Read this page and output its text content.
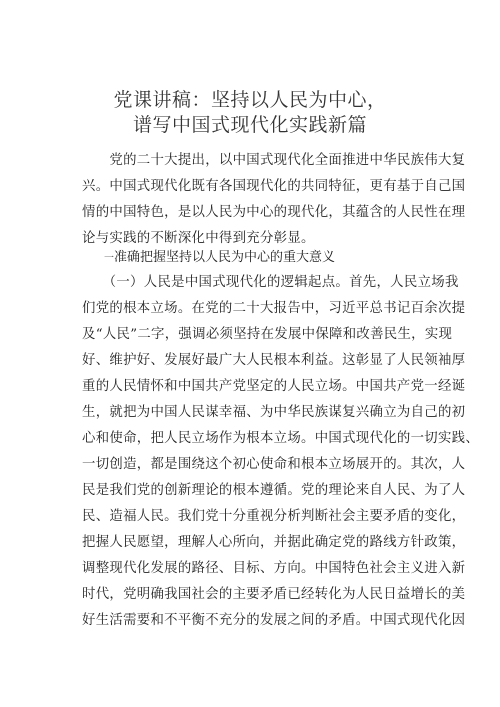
党课讲稿：坚持以人民为中心，
谱写中国式现代化实践新篇
　　党的二十大提出，以中国式现代化全面推进中华民族伟大复
兴。中国式现代化既有各国现代化的共同特征，更有基于自己国
情的中国特色，是以人民为中心的现代化，其蕴含的人民性在理
论与实践的不断深化中得到充分彰显。
一准确把握坚持以人民为中心的重大意义
　　（一）人民是中国式现代化的逻辑起点。首先，人民立场我
们党的根本立场。在党的二十大报告中，习近平总书记百余次提
及“人民”二字，强调必须坚持在发展中保障和改善民生，实现
好、维护好、发展好最广大人民根本利益。这彰显了人民领袖厚
重的人民情怀和中国共产党坚定的人民立场。中国共产党一经诞
生，就把为中国人民谋幸福、为中华民族谋复兴确立为自己的初
心和使命，把人民立场作为根本立场。中国式现代化的一切实践、
一切创造，都是围绕这个初心使命和根本立场展开的。其次，人
民是我们党的创新理论的根本遵循。党的理论来自人民、为了人
民、造福人民。我们党十分重视分析判断社会主要矛盾的变化，
把握人民愿望，理解人心所向，并据此确定党的路线方针政策，
调整现代化发展的路径、目标、方向。中国特色社会主义进入新
时代，党明确我国社会的主要矛盾已经转化为人民日益增长的美
好生活需要和不平衡不充分的发展之间的矛盾。中国式现代化因
